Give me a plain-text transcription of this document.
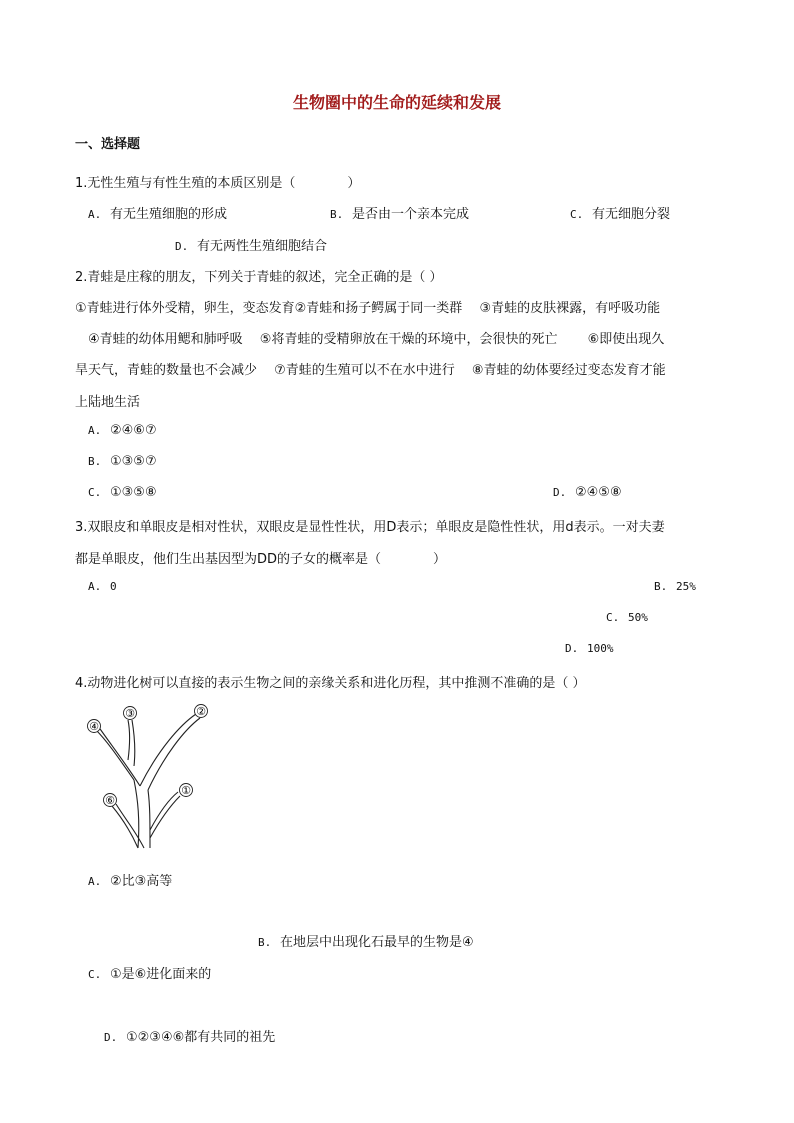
生物圈中的生命的延续和发展
一、选择题
1.无性生殖与有性生殖的本质区别是（　　　　）
A. 有无生殖细胞的形成	B. 是否由一个亲本完成	C. 有无细胞分裂
D. 有无两性生殖细胞结合
2.青蛙是庄稼的朋友，下列关于青蛙的叙述，完全正确的是（ ）
①青蛙进行体外受精，卵生，变态发育②青蛙和扬子鳄属于同一类群　 ③青蛙的皮肤裸露，有呼吸功能
　④青蛙的幼体用鳃和肺呼吸　 ⑤将青蛙的受精卵放在干燥的环境中，会很快的死亡　　 ⑥即使出现久
旱天气，青蛙的数量也不会减少　 ⑦青蛙的生殖可以不在水中进行　 ⑧青蛙的幼体要经过变态发育才能
上陆地生活
A. ②④⑥⑦
B. ①③⑤⑦
C. ①③⑤⑧	D. ②④⑤⑧
3.双眼皮和单眼皮是相对性状，双眼皮是显性性状，用D表示；单眼皮是隐性性状，用d表示。一对夫妻
都是单眼皮，他们生出基因型为DD的子女的概率是（　　　　）
A. 0	B. 25%
C. 50%
D. 100%
4.动物进化树可以直接的表示生物之间的亲缘关系和进化历程，其中推测不准确的是（ ）
④
③	②
⑥
①
A. ②比③高等
B. 在地层中出现化石最早的生物是④
C. ①是⑥进化面来的
D. ①②③④⑥都有共同的祖先
